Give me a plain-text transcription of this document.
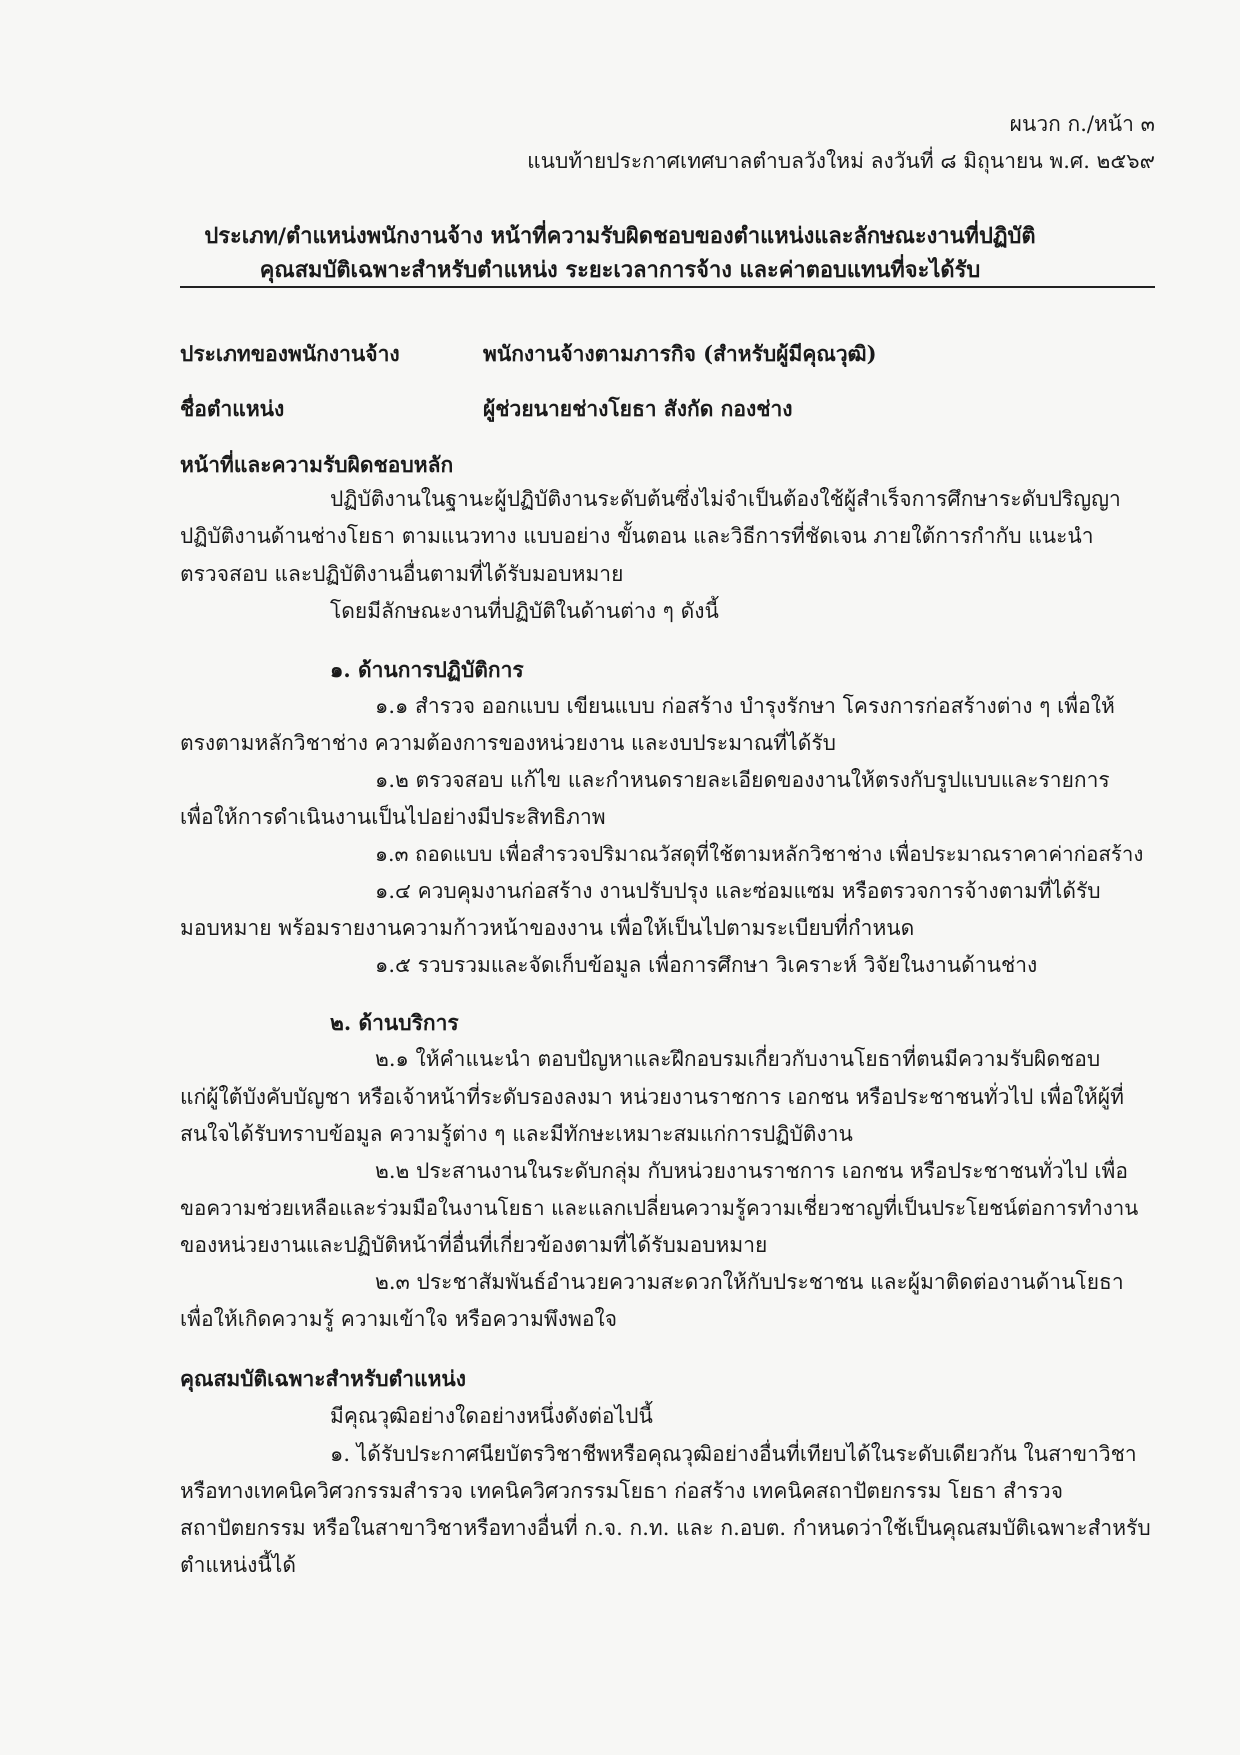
ผนวก ก./หน้า ๓
แนบท้ายประกาศเทศบาลตำบลวังใหม่ ลงวันที่ ๘ มิถุนายน พ.ศ. ๒๕๖๙
ประเภท/ตำแหน่งพนักงานจ้าง หน้าที่ความรับผิดชอบของตำแหน่งและลักษณะงานที่ปฏิบัติ
คุณสมบัติเฉพาะสำหรับตำแหน่ง ระยะเวลาการจ้าง และค่าตอบแทนที่จะได้รับ
ประเภทของพนักงานจ้าง	พนักงานจ้างตามภารกิจ (สำหรับผู้มีคุณวุฒิ)
ชื่อตำแหน่ง	ผู้ช่วยนายช่างโยธา สังกัด กองช่าง
หน้าที่และความรับผิดชอบหลัก
ปฏิบัติงานในฐานะผู้ปฏิบัติงานระดับต้นซึ่งไม่จำเป็นต้องใช้ผู้สำเร็จการศึกษาระดับปริญญา
ปฏิบัติงานด้านช่างโยธา ตามแนวทาง แบบอย่าง ขั้นตอน และวิธีการที่ชัดเจน ภายใต้การกำกับ แนะนำ
ตรวจสอบ และปฏิบัติงานอื่นตามที่ได้รับมอบหมาย
โดยมีลักษณะงานที่ปฏิบัติในด้านต่าง ๆ ดังนี้
๑. ด้านการปฏิบัติการ
๑.๑ สำรวจ ออกแบบ เขียนแบบ ก่อสร้าง บำรุงรักษา โครงการก่อสร้างต่าง ๆ เพื่อให้
ตรงตามหลักวิชาช่าง ความต้องการของหน่วยงาน และงบประมาณที่ได้รับ
๑.๒ ตรวจสอบ แก้ไข และกำหนดรายละเอียดของงานให้ตรงกับรูปแบบและรายการ
เพื่อให้การดำเนินงานเป็นไปอย่างมีประสิทธิภาพ
๑.๓ ถอดแบบ เพื่อสำรวจปริมาณวัสดุที่ใช้ตามหลักวิชาช่าง เพื่อประมาณราคาค่าก่อสร้าง
๑.๔ ควบคุมงานก่อสร้าง งานปรับปรุง และซ่อมแซม หรือตรวจการจ้างตามที่ได้รับ
มอบหมาย พร้อมรายงานความก้าวหน้าของงาน เพื่อให้เป็นไปตามระเบียบที่กำหนด
๑.๕ รวบรวมและจัดเก็บข้อมูล เพื่อการศึกษา วิเคราะห์ วิจัยในงานด้านช่าง
๒. ด้านบริการ
๒.๑ ให้คำแนะนำ ตอบปัญหาและฝึกอบรมเกี่ยวกับงานโยธาที่ตนมีความรับผิดชอบ
แก่ผู้ใต้บังคับบัญชา หรือเจ้าหน้าที่ระดับรองลงมา หน่วยงานราชการ เอกชน หรือประชาชนทั่วไป เพื่อให้ผู้ที่
สนใจได้รับทราบข้อมูล ความรู้ต่าง ๆ และมีทักษะเหมาะสมแก่การปฏิบัติงาน
๒.๒ ประสานงานในระดับกลุ่ม กับหน่วยงานราชการ เอกชน หรือประชาชนทั่วไป เพื่อ
ขอความช่วยเหลือและร่วมมือในงานโยธา และแลกเปลี่ยนความรู้ความเชี่ยวชาญที่เป็นประโยชน์ต่อการทำงาน
ของหน่วยงานและปฏิบัติหน้าที่อื่นที่เกี่ยวข้องตามที่ได้รับมอบหมาย
๒.๓ ประชาสัมพันธ์อำนวยความสะดวกให้กับประชาชน และผู้มาติดต่องานด้านโยธา
เพื่อให้เกิดความรู้ ความเข้าใจ หรือความพึงพอใจ
คุณสมบัติเฉพาะสำหรับตำแหน่ง
มีคุณวุฒิอย่างใดอย่างหนึ่งดังต่อไปนี้
๑. ได้รับประกาศนียบัตรวิชาชีพหรือคุณวุฒิอย่างอื่นที่เทียบได้ในระดับเดียวกัน ในสาขาวิชา
หรือทางเทคนิควิศวกรรมสำรวจ เทคนิควิศวกรรมโยธา ก่อสร้าง เทคนิคสถาปัตยกรรม โยธา สำรวจ
สถาปัตยกรรม หรือในสาขาวิชาหรือทางอื่นที่ ก.จ. ก.ท. และ ก.อบต. กำหนดว่าใช้เป็นคุณสมบัติเฉพาะสำหรับ
ตำแหน่งนี้ได้
